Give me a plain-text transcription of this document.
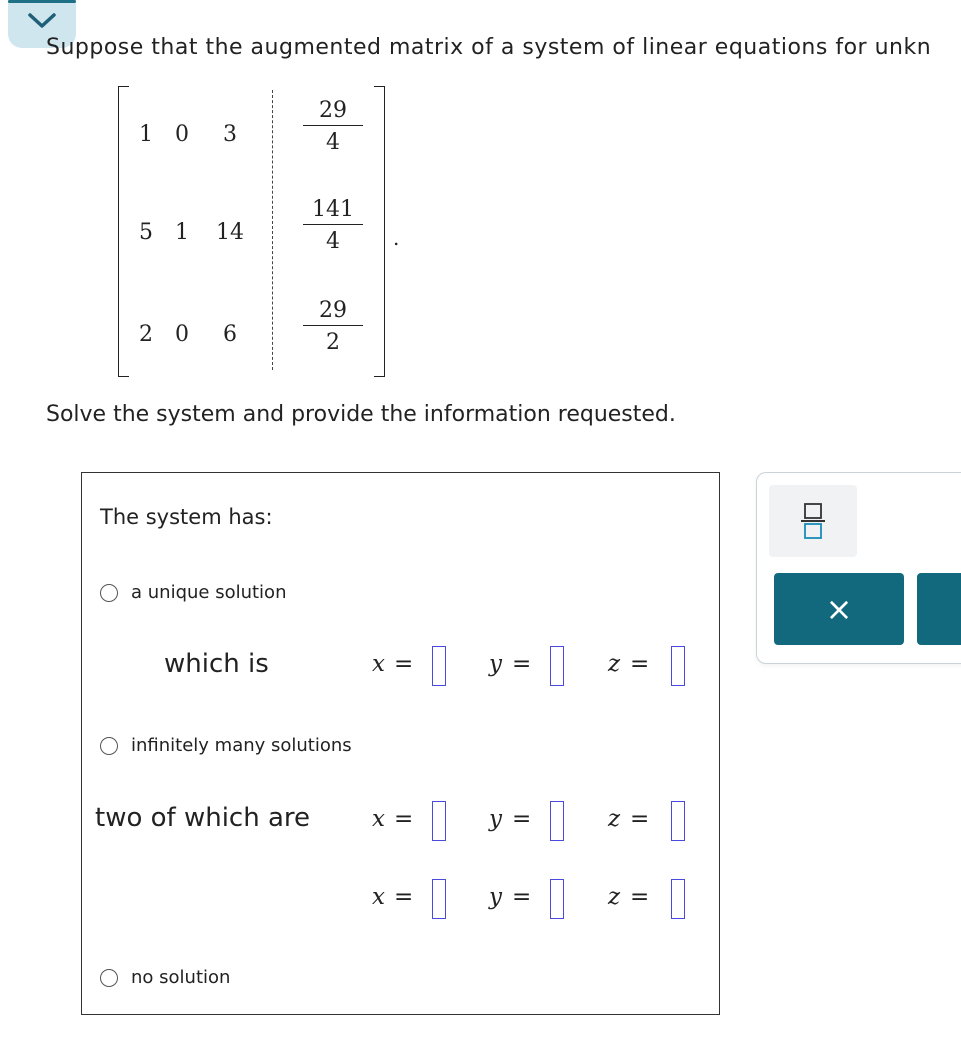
Suppose that the augmented matrix of a system of linear equations for unkn
1	0	3	$\frac{29}{4}$
5	1	14	$\frac{141}{4}$
2	0	6	$\frac{29}{2}$
.
Solve the system and provide the information requested.
The system has:
a unique solution
which is	x =	y =	z =
infinitely many solutions
two of which are	x =	y =	z =
x =	y =	z =
no solution
×
